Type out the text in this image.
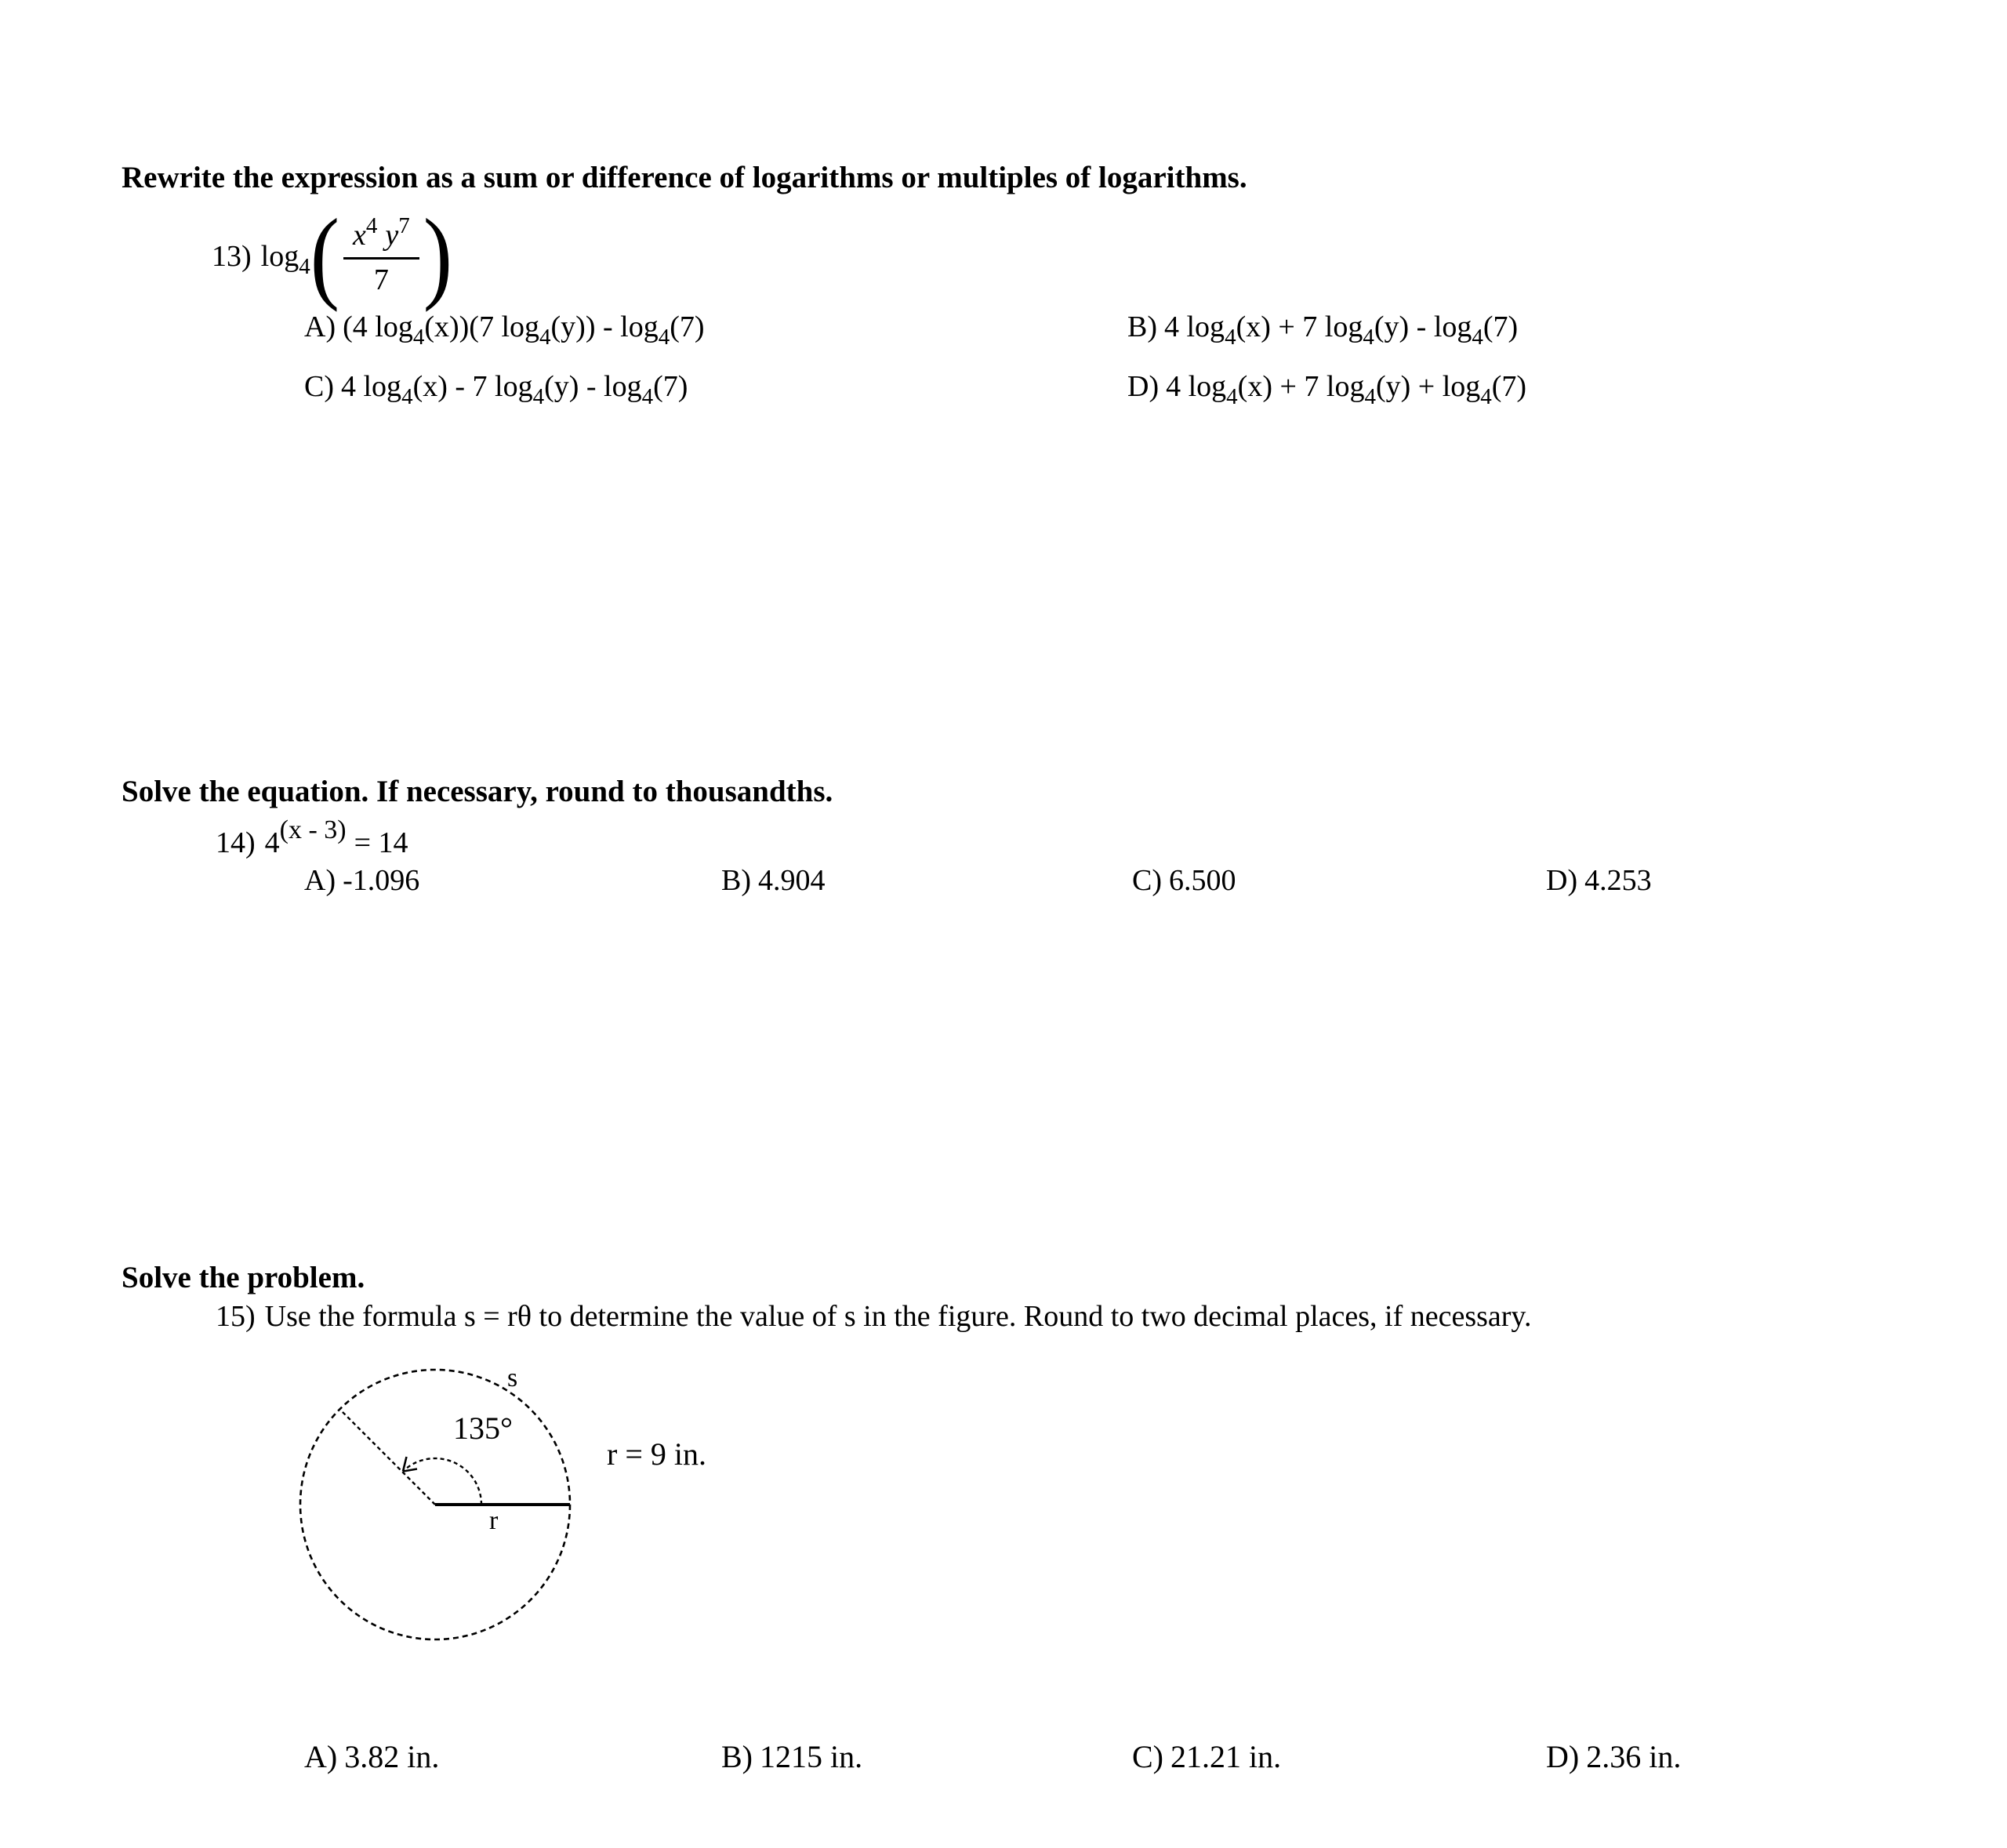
Rewrite the expression as a sum or difference of logarithms or multiples of logarithms.
13) $\log_4$ ( $\frac{x^4 y^7}{7}$ )
A) (4 $\log_4(x))(7$ $\log_4(y)) - \log_4(7)$	B) 4 $\log_4(x) + 7$ $\log_4(y) - \log_4(7)$
C) 4 $\log_4(x) - 7$ $\log_4(y) - \log_4(7)$	D) 4 $\log_4(x) + 7$ $\log_4(y) + \log_4(7)$
Solve the equation. If necessary, round to thousandths.
14) $4^{(x - 3)} = 14$
A) -1.096	B) 4.904	C) 6.500	D) 4.253
Solve the problem.
15) Use the formula s = rθ to determine the value of s in the figure. Round to two decimal places, if necessary.
s
135°
r
r = 9 in.
A) 3.82 in.	B) 1215 in.	C) 21.21 in.	D) 2.36 in.
